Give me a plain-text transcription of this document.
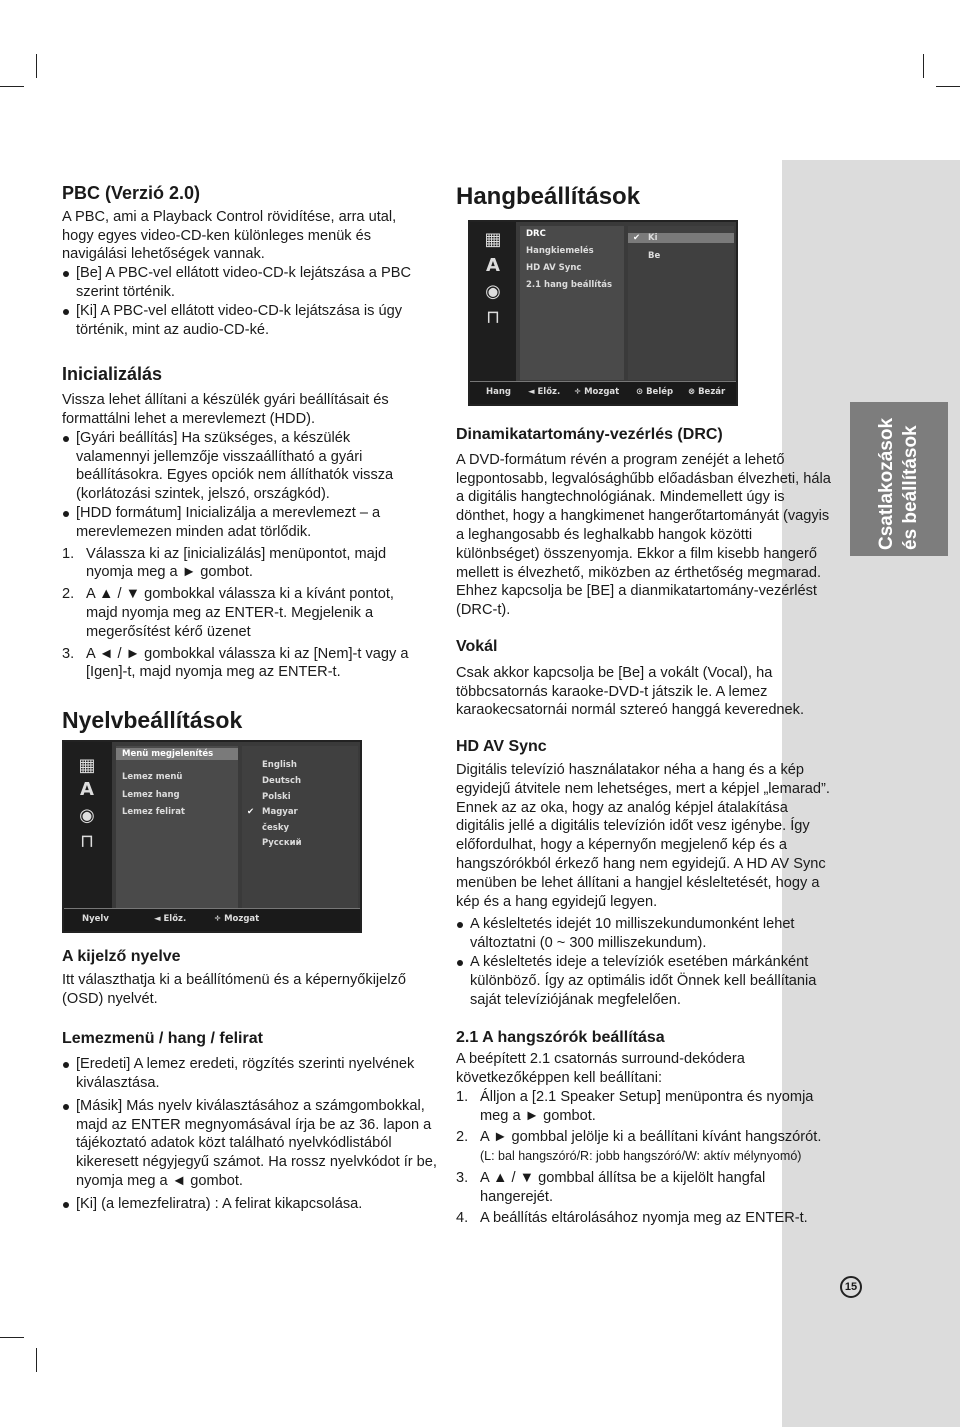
Csatlakozások és beállítások

PBC (Verzió 2.0)

A PBC, ami a Playback Control rövidítése, arra utal, hogy egyes video-CD-ken különleges menük és navigálási lehetőségek vannak.

[Be] A PBC-vel ellátott video-CD-k lejátszása a PBC szerint történik.

[Ki] A PBC-vel ellátott video-CD-k lejátszása is úgy történik, mint az audio-CD-ké.

Inicializálás

Vissza lehet állítani a készülék gyári beállításait és formattálni lehet a merevlemezt (HDD).

[Gyári beállítás] Ha szükséges, a készülék valamennyi jellemzője visszaállítható a gyári beállításokra. Egyes opciók nem állíthatók vissza (korlátozási szintek, jelszó, országkód).

[HDD formátum] Inicializálja a merevlemezt – a merevlemezen minden adat törlődik.

1. Válassza ki az [inicializálás] menüpontot, majd nyomja meg a ► gombot.

2. A ▲ / ▼ gombokkal válassza ki a kívánt pontot, majd nyomja meg az ENTER-t. Megjelenik a megerősítést kérő üzenet

3. A ◄ / ► gombokkal válassza ki az [Nem]-t vagy a [Igen]-t, majd nyomja meg az ENTER-t.

Nyelvbeállítások
▦
A
◉
⊓
Menü megjelenítés
Lemez menü
Lemez hang
Lemez felirat
English
Deutsch
Polski
✔ Magyar
česky
Русский
Nyelv	◄ Előz.	÷ Mozgat

A kijelző nyelve

Itt választhatja ki a beállítómenü és a képernyőkijelző (OSD) nyelvét.

Lemezmenü / hang / felirat

[Eredeti] A lemez eredeti, rögzítés szerinti nyelvének kiválasztása.

[Másik] Más nyelv kiválasztásához a számgombokkal, majd az ENTER megnyomásával írja be az 36. lapon a tájékoztató adatok közt található nyelvkódlistából kikeresett négyjegyű számot. Ha rossz nyelvkódot ír be, nyomja meg a ◄ gombot.

[Ki] (a lemezfeliratra) : A felirat kikapcsolása.

Hangbeállítások
▦
A
◉
⊓
DRC
Hangkiemelés
HD AV Sync
2.1 hang beállítás
✔ Ki
Be
Hang ◄ Előz. ÷ Mozgat ⊙ Belép ⊗ Bezár

Dinamikatartomány-vezérlés (DRC)

A DVD-formátum révén a program zenéjét a lehető legpontosabb, legvalósághűbb előadásban élvezheti, hála a digitális hangtechnológiának. Mindemellett úgy is dönthet, hogy a hangkimenet hangerőtartományát (vagyis a leghangosabb és leghalkabb hangok közötti különbséget) összenyomja. Ekkor a film kisebb hangerő mellett is élvezhető, miközben az érthetőség megmarad. Ehhez kapcsolja be [BE] a dianmikatartomány-vezérlést (DRC-t).

Vokál

Csak akkor kapcsolja be [Be] a vokált (Vocal), ha többcsatornás karaoke-DVD-t játszik le. A lemez karaokecsatornái normál sztereó hanggá keverednek.

HD AV Sync

Digitális televízió használatakor néha a hang és a kép egyidejű átvitele nem lehetséges, mert a képjel „lemarad”. Ennek az az oka, hogy az analóg képjel átalakítása digitális jellé a digitális televízión időt vesz igénybe. Így előfordulhat, hogy a képernyőn megjelenő kép és a hangszórókból érkező hang nem egyidejű. A HD AV Sync menüben be lehet állítani a hangjel késleltetését, hogy a kép és a hang egyidejű legyen.

A késleltetés idejét 10 milliszekundumonként lehet változtatni (0 ~ 300 milliszekundum).

A késleltetés ideje a televíziók esetében márkánként különböző. Így az optimális időt Önnek kell beállítania saját televíziójának megfelelően.

2.1 A hangszórók beállítása

A beépített 2.1 csatornás surround-dekódera következőképpen kell beállítani:

1. Álljon a [2.1 Speaker Setup] menüpontra és nyomja meg a ► gombot.

2. A ► gombbal jelölje ki a beállítani kívánt hangszórót. (L: bal hangszóró/R: jobb hangszóró/W: aktív mélynyomó)

3. A ▲ / ▼ gombbal állítsa be a kijelölt hangfal hangerejét.

4. A beállítás eltárolásához nyomja meg az ENTER-t.

15
